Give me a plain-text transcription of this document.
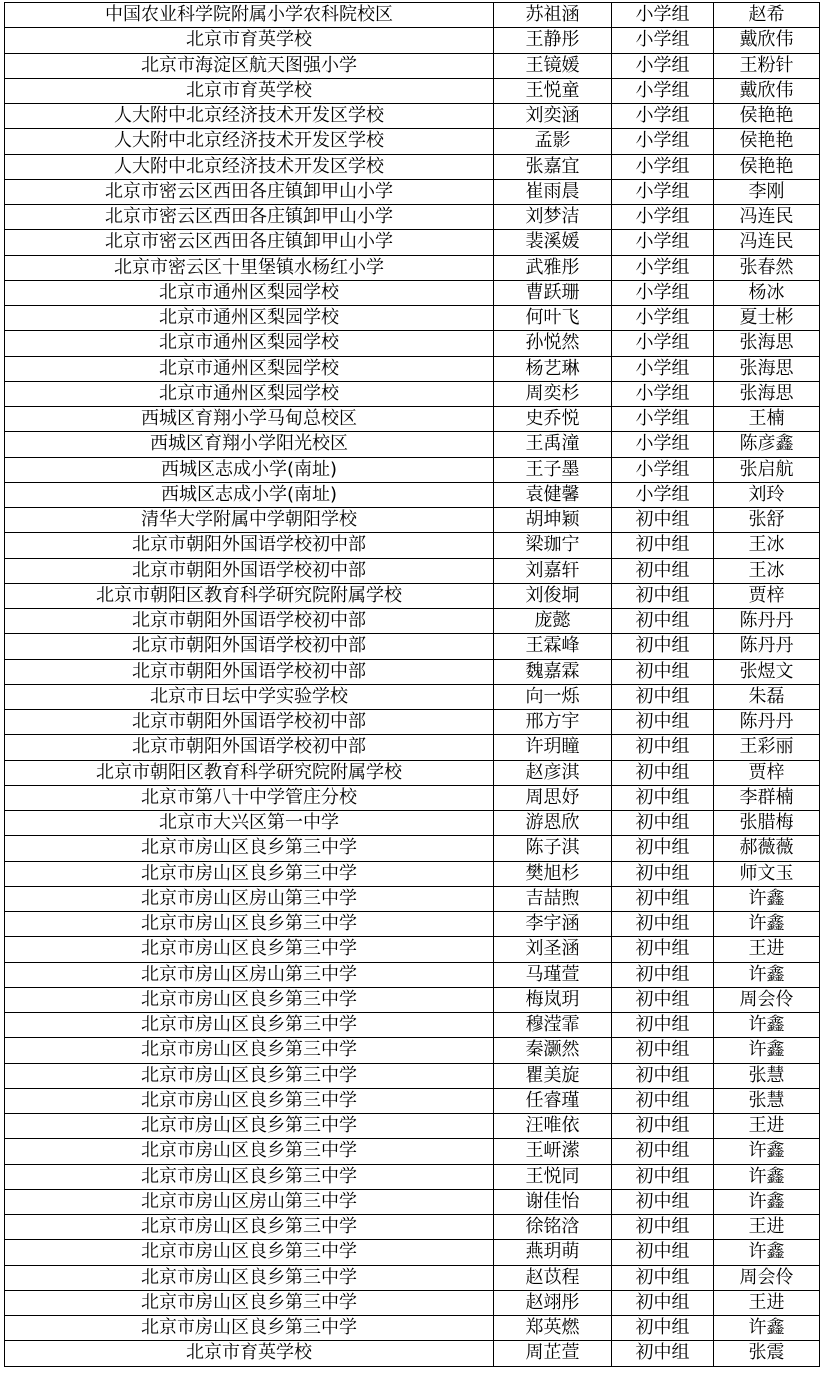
中国农业科学院附属小学农科院校区	苏祖涵	小学组	赵希
北京市育英学校	王静彤	小学组	戴欣伟
北京市海淀区航天图强小学	王镜媛	小学组	王粉针
北京市育英学校	王悦童	小学组	戴欣伟
人大附中北京经济技术开发区学校	刘奕涵	小学组	侯艳艳
人大附中北京经济技术开发区学校	孟影	小学组	侯艳艳
人大附中北京经济技术开发区学校	张嘉宜	小学组	侯艳艳
北京市密云区西田各庄镇卸甲山小学	崔雨晨	小学组	李刚
北京市密云区西田各庄镇卸甲山小学	刘梦洁	小学组	冯连民
北京市密云区西田各庄镇卸甲山小学	裴溪媛	小学组	冯连民
北京市密云区十里堡镇水杨红小学	武雅彤	小学组	张春然
北京市通州区梨园学校	曹跃珊	小学组	杨冰
北京市通州区梨园学校	何叶飞	小学组	夏士彬
北京市通州区梨园学校	孙悦然	小学组	张海思
北京市通州区梨园学校	杨艺琳	小学组	张海思
北京市通州区梨园学校	周奕杉	小学组	张海思
西城区育翔小学马甸总校区	史乔悦	小学组	王楠
西城区育翔小学阳光校区	王禹潼	小学组	陈彦鑫
西城区志成小学(南址)	王子墨	小学组	张启航
西城区志成小学(南址)	袁健馨	小学组	刘玲
清华大学附属中学朝阳学校	胡坤颖	初中组	张舒
北京市朝阳外国语学校初中部	梁珈宁	初中组	王冰
北京市朝阳外国语学校初中部	刘嘉轩	初中组	王冰
北京市朝阳区教育科学研究院附属学校	刘俊垌	初中组	贾梓
北京市朝阳外国语学校初中部	庞懿	初中组	陈丹丹
北京市朝阳外国语学校初中部	王霖峰	初中组	陈丹丹
北京市朝阳外国语学校初中部	魏嘉霖	初中组	张煜文
北京市日坛中学实验学校	向一烁	初中组	朱磊
北京市朝阳外国语学校初中部	邢方宇	初中组	陈丹丹
北京市朝阳外国语学校初中部	许玥瞳	初中组	王彩丽
北京市朝阳区教育科学研究院附属学校	赵彦淇	初中组	贾梓
北京市第八十中学管庄分校	周思妤	初中组	李群楠
北京市大兴区第一中学	游恩欣	初中组	张腊梅
北京市房山区良乡第三中学	陈子淇	初中组	郝薇薇
北京市房山区良乡第三中学	樊旭杉	初中组	师文玉
北京市房山区房山第三中学	吉喆煦	初中组	许鑫
北京市房山区良乡第三中学	李宇涵	初中组	许鑫
北京市房山区良乡第三中学	刘圣涵	初中组	王进
北京市房山区房山第三中学	马瑾萱	初中组	许鑫
北京市房山区良乡第三中学	梅岚玥	初中组	周会伶
北京市房山区良乡第三中学	穆滢霏	初中组	许鑫
北京市房山区良乡第三中学	秦灏然	初中组	许鑫
北京市房山区良乡第三中学	瞿美旋	初中组	张慧
北京市房山区良乡第三中学	任睿瑾	初中组	张慧
北京市房山区良乡第三中学	汪唯依	初中组	王进
北京市房山区良乡第三中学	王岍潆	初中组	许鑫
北京市房山区良乡第三中学	王悦同	初中组	许鑫
北京市房山区房山第三中学	谢佳怡	初中组	许鑫
北京市房山区良乡第三中学	徐铭浛	初中组	王进
北京市房山区良乡第三中学	燕玥萌	初中组	许鑫
北京市房山区良乡第三中学	赵苡程	初中组	周会伶
北京市房山区良乡第三中学	赵翊彤	初中组	王进
北京市房山区良乡第三中学	郑英燃	初中组	许鑫
北京市育英学校	周芷萱	初中组	张震
